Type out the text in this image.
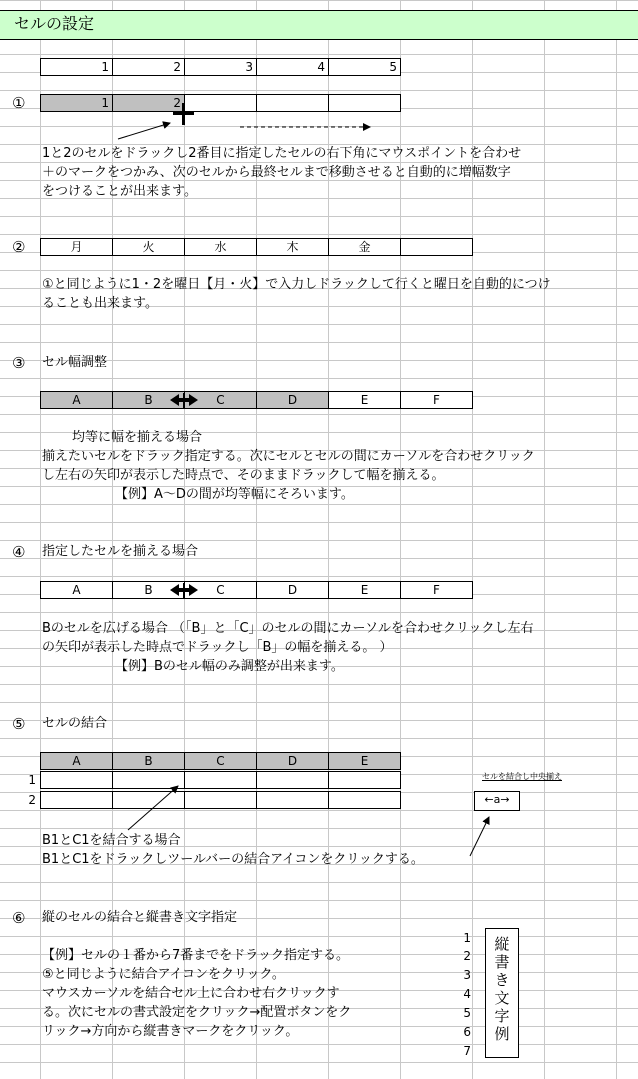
セルの設定
1	2	3	4	5
①	1	2
1と2のセルをドラックし2番目に指定したセルの右下角にマウスポイントを合わせ
＋のマークをつかみ、次のセルから最終セルまで移動させると自動的に増幅数字
をつけることが出来ます。
②	月	火	水	木	金
①と同じように1・2を曜日【月・火】で入力しドラックして行くと曜日を自動的につけ
ることも出来ます。
③ セル幅調整
A	B	C	D	E	F
均等に幅を揃える場合
揃えたいセルをドラック指定する。次にセルとセルの間にカーソルを合わせクリック
し左右の矢印が表示した時点で、そのままドラックして幅を揃える。
【例】A～Dの間が均等幅にそろいます。
④ 指定したセルを揃える場合
A	B	C	D	E	F
Bのセルを広げる場合 （「B」と「C」のセルの間にカーソルを合わせクリックし左右
の矢印が表示した時点でドラックし「B」の幅を揃える。 ）
【例】Bのセル幅のみ調整が出来ます。
⑤ セルの結合
A	B	C	D	E
1
2
セルを結合し中央揃え
←a→
B1とC1を結合する場合
B1とC1をドラックしツールバーの結合アイコンをクリックする。
⑥ 縦のセルの結合と縦書き文字指定
【例】セルの１番から7番までをドラック指定する。
⑤と同じように結合アイコンをクリック。
マウスカーソルを結合セル上に合わせ右クリックす
る。次にセルの書式設定をクリック→配置ボタンをク
リック→方向から縦書きマークをクリック。
1
2
3
4
5
6
7
縦
書
き
文
字
例
